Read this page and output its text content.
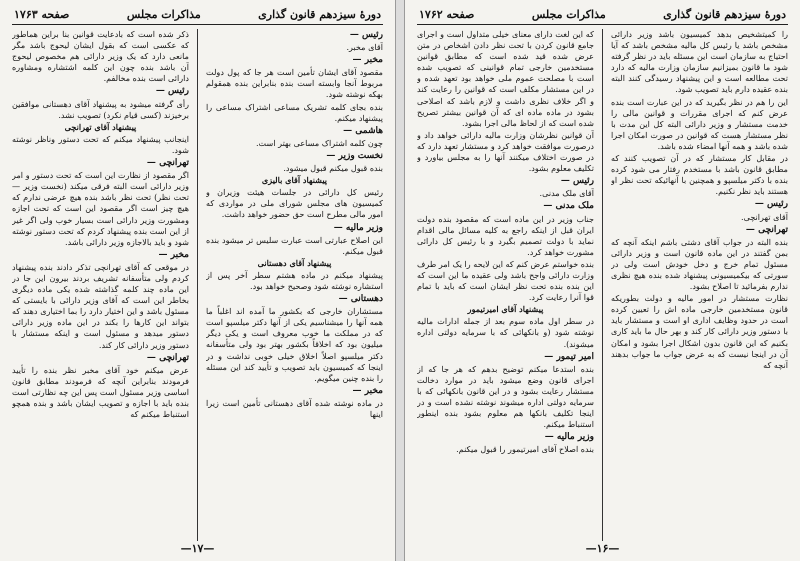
دورهٔ سیزدهم قانون گذاری
مذاکرات مجلس
صفحه ۱۷۶۳

رئیس —

آقای مخبر.

مخبر —

مقصود آقای ایشان تأمین است هر جا که پول دولت مربوط آنجا وابسته است بنده بنابراین بنده همقولم بهکه نوشته شود.

بنده بجای کلمه تشریک مساعی اشتراک مساعی را پیشنهاد میکنم.

هاشمی —

چون کلمه اشتراک مساعی بهتر است.

نخست وزیر —

بنده قبول میکنم قبول میشود.

پیشنهاد آقای بالیزی

رئیس کل دارائی در جلسات هیئت وزیران و کمیسیون های مجلس شورای ملی در مواردی که امور مالی مطرح است حق حضور خواهد داشت.

وزیر مالیه —

این اصلاح عبارتی است عبارت سلیس تر میشود بنده قبول میکنم.

پیشنهاد آقای دهستانی

پیشنهاد میکنم در ماده هشتم سطر آخر پس از استشاره نوشته شود وصحیح خواهد بود.

دهستانی —

مستشاران خارجی که بکشور ما آمده اند اغلباً ما همه آنها را میشناسیم یکی از آنها دکتر میلسپو است که در مملکت ما خوب معروف است و یکی دیگر میلیون بود که اخلاقاً بکشور بهتر بود ولی متأسفانه دکتر میلسپو اصلاً اخلاق خیلی خوبی نداشت و در اینجا که کمیسیون باید تصویب و تأیید کند این مسئله را بنده چنین میگویم.

مخبر —

در ماده نوشته شده آقای دهستانی تأمین است زیرا اینها

ذکر شده است که بادعایت قوانین بنا براین هماطور که عکسی است که بقول ایشان لیحوج باشد مگر مانعی دارد که یک وزیر دارائی هم مخصوص لیحوج آن باشد بنده چون این کلمه اشتشاره ومشاوره دارائی است بنده مخالفم.

رئیس —

رأی گرفته میشود به پیشنهاد آقای دهستانی موافقین برخیزند (کسی قیام نکرد) تصویب نشد.

پیشنهاد آقای تهرانچی

اینجانب پیشنهاد میکنم که تحت دستور وناظر نوشته شود.

تهرانچی —

اگر مقصود از نظارت این است که تحت دستور و امر وزیر دارائی است البته فرقی میکند (نخست وزیر — تحت نظر) تحت نظر باشد بنده هیچ عرضی ندارم که هیچ چیز است اگر مقصود این است که تحت اجازه ومشورت وزیر دارائی است بسیار خوب ولی اگر غیر از این است بنده پیشنهاد کردم که تحت دستور نوشته شود و باید بالاجازه وزیر دارائی باشد.

مخبر —

در موقعی که آقای تهرانچی تذکر دادند بنده پیشنهاد کردم ولی متأسفانه تشریف بردند بیرون این جا در این ماده چند کلمه گذاشته شده یکی ماده دیگری بخاطر این است که آقای وزیر دارائی با بایستی که مسئول باشد و این اختیار دارد را بما اختیاری دهند که بتواند این کارها را بکند در این ماده وزیر دارائی دستور میدهد و مسئول است و اینکه مستشار با دستور وزیر دارائی کار کند.

تهرانچی —

عرض میکنم خود آقای مخبر نظر بنده را تأیید فرمودند بنابراین آنچه که فرمودند مطابق قانون اساسی وزیر مسئول است پس این چه نظارتی است بنده باید با اجازه و تصویب ایشان باشد و بنده همچو استنباط میکنم که

—۱۷—
دورهٔ سیزدهم قانون گذاری
مذاکرات مجلس
صفحه ۱۷۶۲

را کمیتشخیص بدهد کمیسیون باشد وزیر دارائی مشخص باشد یا رئیس کل مالیه مشخص باشد که آیا احتیاج به سازمان است این مسئله باید در نظر گرفته شود ما قانون بمیزانیم سازمان وزارت مالیه که دارد تحت مطالعه است و این پیشنهاد رسیدگی کنند البته بنده عقیده دارم باید تصویب شود.

این را هم در نظر بگیرید که در این عبارت است بنده عرض کنم که اجرای مقررات و قوانین مالی را خدمت مستشار و وزیر دارائی البته کل این مدت با نظر مستشار هست که قوانین در صورت امکان اجرا شده باشد و همه آنها امضاء شده باشد.

در مقابل کار مستشار که در آن تصویب کنند که مطابق قانون باشد با مستخدم رفتار می شود کرده بنده با دکتر میلسپو و همچنین با آنهائیکه تحت نظر او هستند باید نظر نکنیم.

رئیس —

آقای تهرانچی.

تهرانچی —

بنده البته در جواب آقای دشتی باشم اینکه آنچه که بمن گفتند در این ماده قانون است و وزیر دارائی مسئول تمام خرج و دخل خودش است ولی در سورتی که بیکمیسیونی پیشنهاد شده بنده هیچ نظری ندارم بفرمائید تا اصلاح بشود.

نظارت مستشار در امور مالیه و دولت بطوریکه قانون مستخدمین خارجی ماده اش را تعیین کرده است در حدود وظایف اداری او است و مستشار باید با دستور وزیر دارائی کار کند و بهر حال ما باید کاری بکنیم که این قانون بدون اشکال اجرا بشود و امکان آن در اینجا نیست که به عرض جواب ما جواب بدهند آنچه که

که این لغت دارای معنای خیلی متداول است و اجرای جامع قانون کردن با تحت نظر دادن اشخاص در متن عرض شده قید شده است که مطابق قوانین مستخدمین خارجی تمام قوانینی که تصویب شده است با مصلحت عموم ملی خواهد بود تعهد شده و در این مستشار مکلف است که قوانین را رعایت کند و اگر خلاف نظری داشت و لازم باشد که اصلاحی بشود در ماده ماده ای که آن قوانین بیشتر تصریح شده است که از لحاظ مالی اجرا بشود.

آن قوانین نظرشان وزارت مالیه دارائی خواهد داد و درصورت موافقت خواهد کرد و مستشار تعهد دارد که در صورت اختلاف میکنند آنها را به مجلس بیاورد و تکلیف معلوم بشود.

رئیس —

آقای ملک مدنی.

ملک مدنی —

جناب وزیر در این ماده است که مقصود بنده دولت ایران قبل از اینکه راجع به کلیه مسائل مالی اقدام نماید با دولت تصمیم بگیرد و با رئیس کل دارائی مشورت خواهد کرد.

بنده خواستم عرض کنم که این لایحه را یک امر طرف وزارت دارائی واجح باشد ولی عقیده ما این است که این بنده بنده تحت نظر ایشان است که باید با تمام قوا آنرا رعایت کرد.

پیشنهاد آقای امیرتیمور

در سطر اول ماده سوم بعد از جمله ادارات مالیه نوشته شود (و بانکهائی که با سرمایه دولتی اداره میشوند).

امیر تیمور —

بنده استدعا میکنم توضیح بدهم که هر جا که از اجرای قانون وضع میشود باید در موارد دخالت مستشار رعایت بشود و در این قانون بانکهائی که با سرمایه دولتی اداره میشوند نوشته نشده است و در اینجا تکلیف بانکها هم معلوم بشود بنده اینطور استنباط میکنم.

وزیر مالیه —

بنده اصلاح آقای امیرتیمور را قبول میکنم.

—۱۶—
